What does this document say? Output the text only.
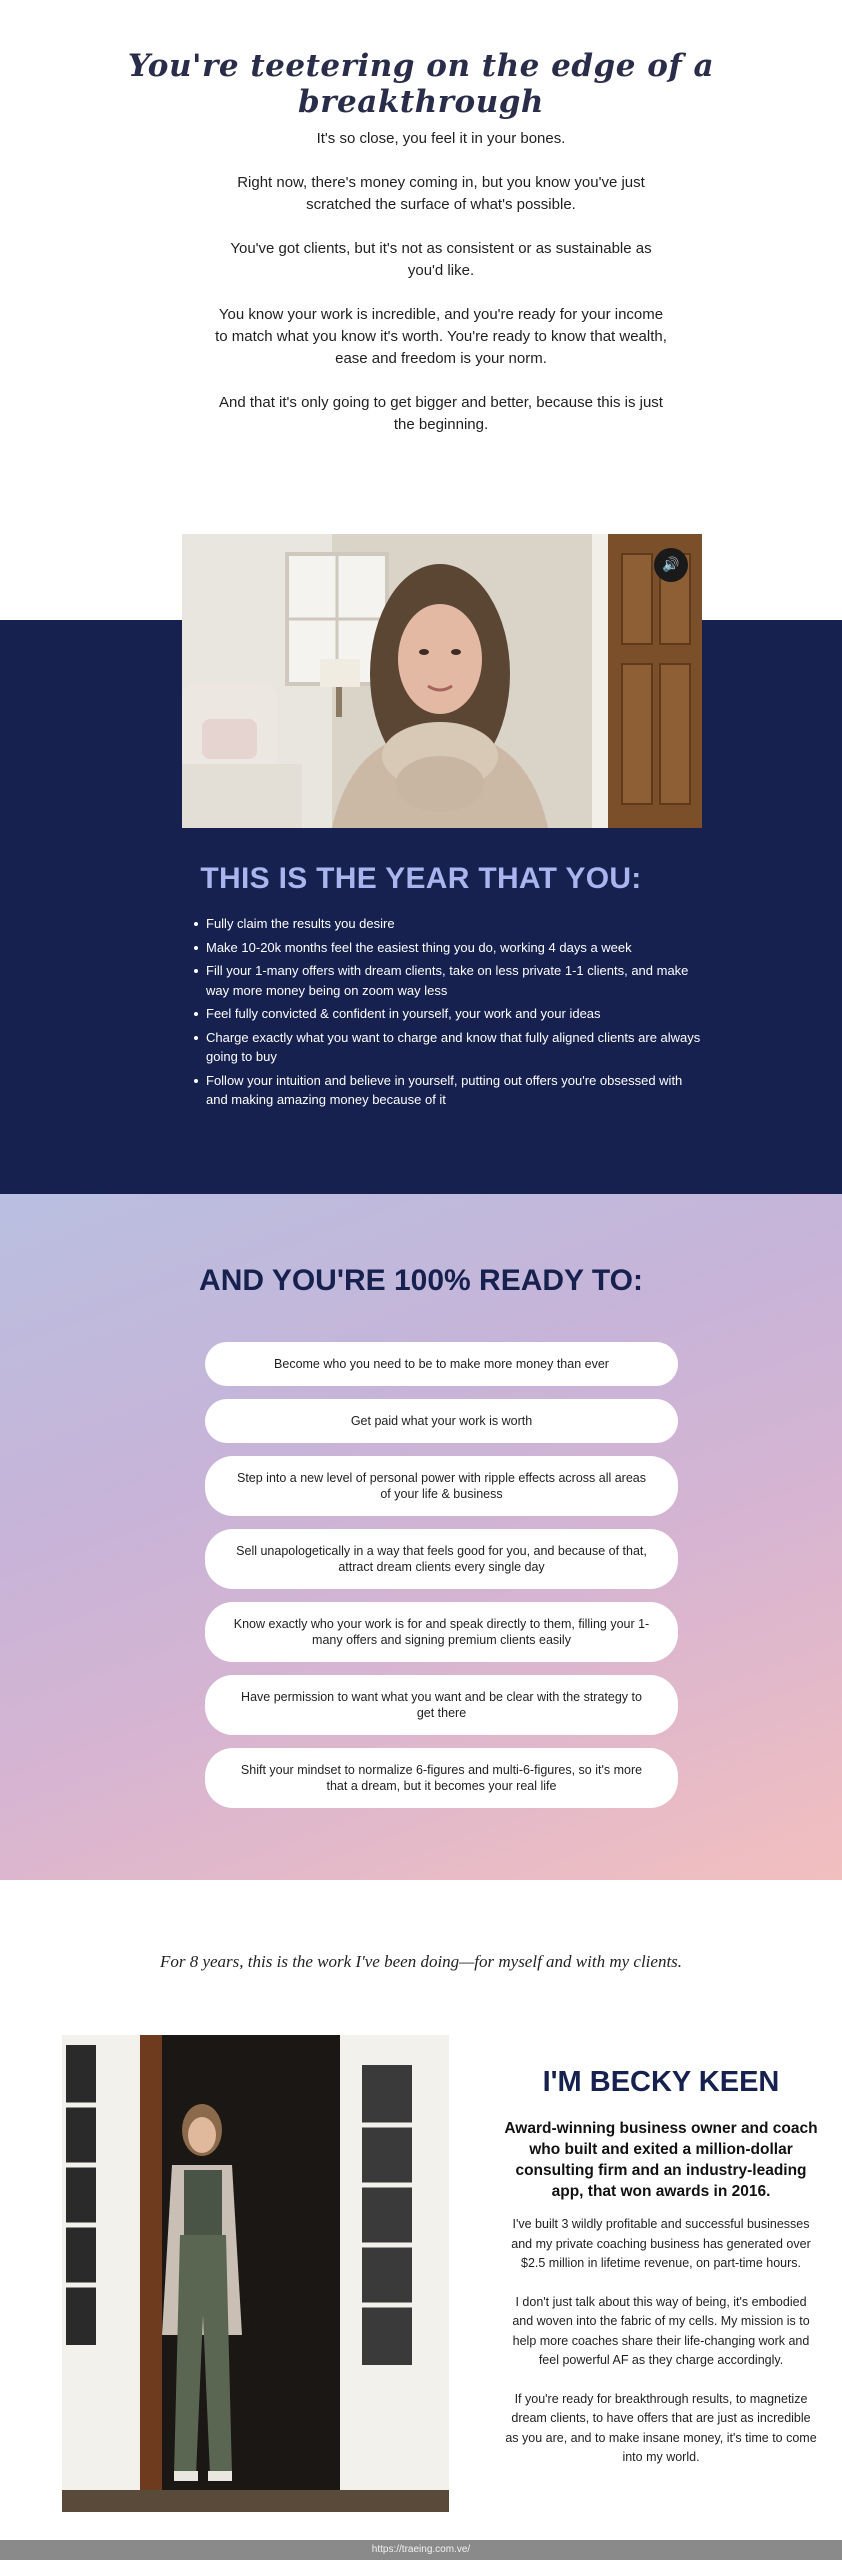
You're teetering on the edge of a breakthrough

It's so close, you feel it in your bones.

Right now, there's money coming in, but you know you've just scratched the surface of what's possible.

You've got clients, but it's not as consistent or as sustainable as you'd like.

You know your work is incredible, and you're ready for your income to match what you know it's worth. You're ready to know that wealth, ease and freedom is your norm.

And that it's only going to get bigger and better, because this is just the beginning.

🔊
THIS IS THE YEAR THAT YOU:
Fully claim the results you desire
Make 10-20k months feel the easiest thing you do, working 4 days a week
Fill your 1-many offers with dream clients, take on less private 1-1 clients, and make way more money being on zoom way less
Feel fully convicted & confident in yourself, your work and your ideas
Charge exactly what you want to charge and know that fully aligned clients are always going to buy
Follow your intuition and believe in yourself, putting out offers you're obsessed with and making amazing money because of it
AND YOU'RE 100% READY TO:
Become who you need to be to make more money than ever
Get paid what your work is worth
Step into a new level of personal power with ripple effects across all areas of your life & business
Sell unapologetically in a way that feels good for you, and because of that, attract dream clients every single day
Know exactly who your work is for and speak directly to them, filling your 1-many offers and signing premium clients easily
Have permission to want what you want and be clear with the strategy to get there
Shift your mindset to normalize 6-figures and multi-6-figures, so it's more that a dream, but it becomes your real life

For 8 years, this is the work I've been doing—for myself and with my clients.

I'M BECKY KEEN

Award-winning business owner and coach who built and exited a million-dollar consulting firm and an industry-leading app, that won awards in 2016.

I've built 3 wildly profitable and successful businesses and my private coaching business has generated over $2.5 million in lifetime revenue, on part-time hours.

I don't just talk about this way of being, it's embodied and woven into the fabric of my cells. My mission is to help more coaches share their life-changing work and feel powerful AF as they charge accordingly.

If you're ready for breakthrough results, to magnetize dream clients, to have offers that are just as incredible as you are, and to make insane money, it's time to come into my world.

https://traeing.com.ve/
